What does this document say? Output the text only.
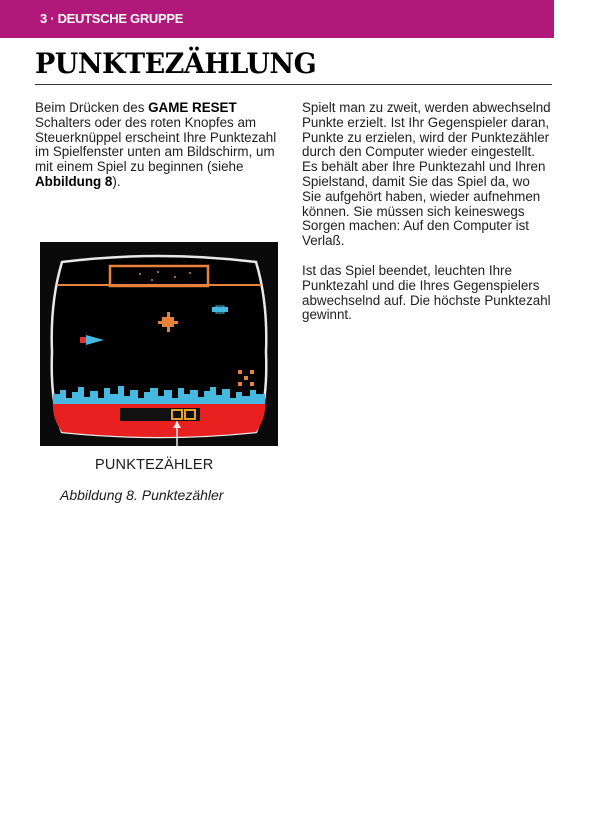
3 · DEUTSCHE GRUPPE
PUNKTEZÄHLUNG

Beim Drücken des GAME RESET Schalters oder des roten Knopfes am Steuerknüppel erscheint Ihre Punktezahl im Spielfenster unten am Bildschirm, um mit einem Spiel zu beginnen (siehe Abbildung 8).

Spielt man zu zweit, werden abwechselnd Punkte erzielt. Ist Ihr Gegenspieler daran, Punkte zu erzielen, wird der Punktezähler durch den Computer wieder eingestellt. Es behält aber Ihre Punktezahl und Ihren Spielstand, damit Sie das Spiel da, wo Sie aufgehört haben, wieder aufnehmen können. Sie müssen sich keineswegs Sorgen machen: Auf den Computer ist Verlaß.

Ist das Spiel beendet, leuchten Ihre Punktezahl und die Ihres Gegenspielers abwechselnd auf. Die höchste Punktezahl gewinnt.

PUNKTEZÄHLER
Abbildung 8. Punktezähler
